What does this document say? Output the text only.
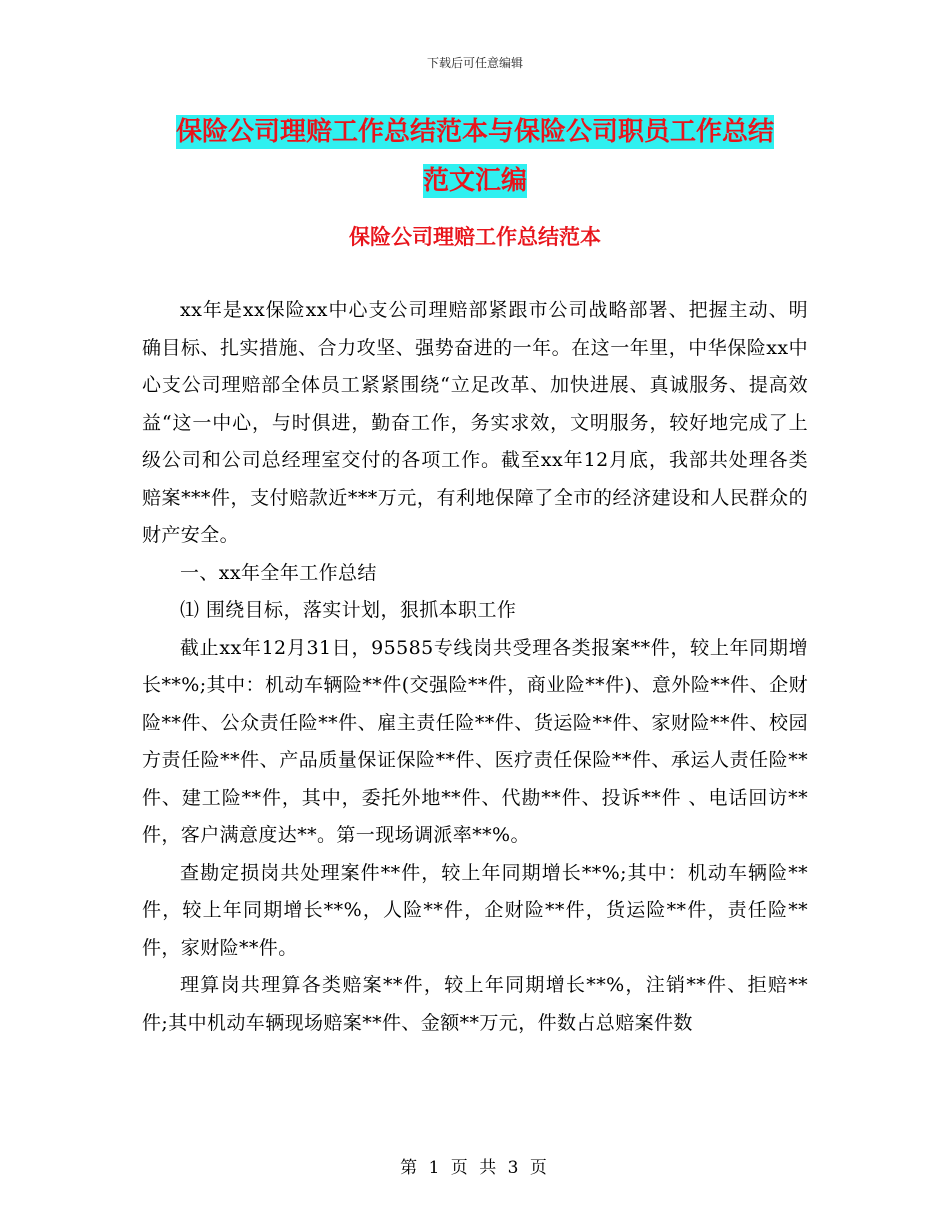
下载后可任意编辑
保险公司理赔工作总结范本与保险公司职员工作总结
范文汇编
保险公司理赔工作总结范本

xx年是xx保险xx中心支公司理赔部紧跟市公司战略部署、把握主动、明确目标、扎实措施、合力攻坚、强势奋进的一年。在这一年里，中华保险xx中心支公司理赔部全体员工紧紧围绕“立足改革、加快进展、真诚服务、提高效益“这一中心，与时俱进，勤奋工作，务实求效，文明服务，较好地完成了上级公司和公司总经理室交付的各项工作。截至xx年12月底，我部共处理各类赔案***件，支付赔款近***万元，有利地保障了全市的经济建设和人民群众的财产安全。

一、xx年全年工作总结

⑴ 围绕目标，落实计划，狠抓本职工作

截止xx年12月31日，95585专线岗共受理各类报案**件，较上年同期增长**%;其中：机动车辆险**件(交强险**件，商业险**件)、意外险**件、企财险**件、公众责任险**件、雇主责任险**件、货运险**件、家财险**件、校园方责任险**件、产品质量保证保险**件、医疗责任保险**件、承运人责任险**件、建工险**件，其中，委托外地**件、代勘**件、投诉**件 、电话回访**件，客户满意度达**。第一现场调派率**%。

查勘定损岗共处理案件**件，较上年同期增长**%;其中：机动车辆险**件，较上年同期增长**%，人险**件，企财险**件，货运险**件，责任险**件，家财险**件。

理算岗共理算各类赔案**件，较上年同期增长**%，注销**件、拒赔**件;其中机动车辆现场赔案**件、金额**万元，件数占总赔案件数

第 1 页 共 3 页
